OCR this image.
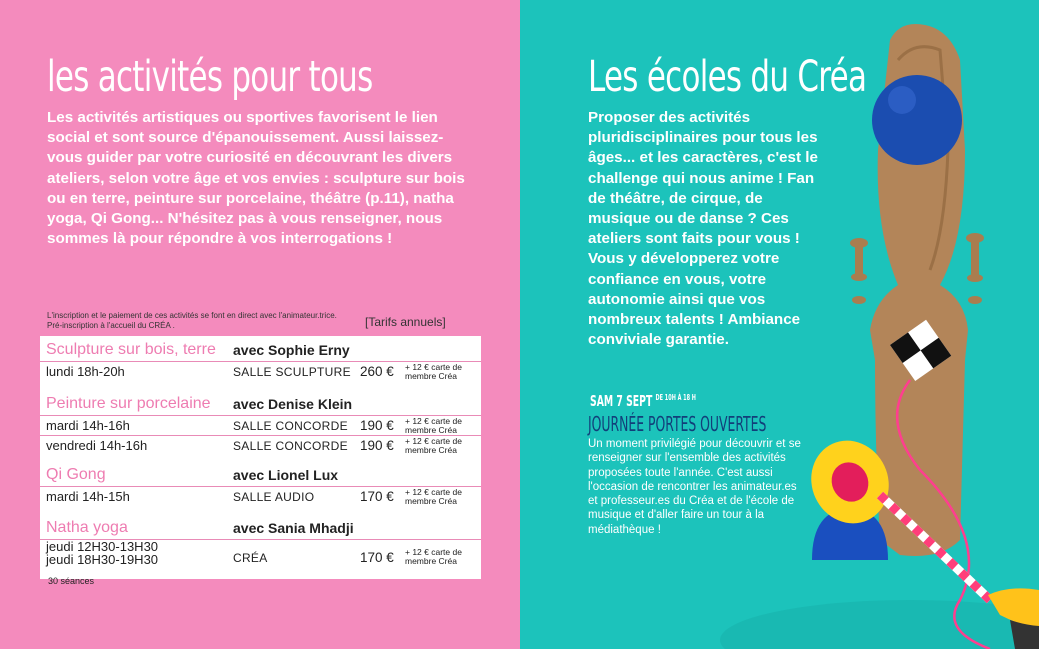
les activités pour tous

Les activités artistiques ou sportives favorisent le lien social et sont source d'épanouissement. Aussi laissez-vous guider par votre curiosité en découvrant les divers ateliers, selon votre âge et vos envies : sculpture sur bois ou en terre, peinture sur porcelaine, théâtre (p.11), natha yoga, Qi Gong... N'hésitez pas à vous renseigner, nous sommes là pour répondre à vos interrogations !

L'inscription et le paiement de ces activités se font en direct avec l'animateur.trice. Pré-inscription à l'accueil du CRÉA .	[Tarifs annuels]
Sculpture sur bois, terre avec Sophie Erny
lundi 18h-20h	SALLE SCULPTURE 260 € + 12 € carte de membre Créa
Peinture sur porcelaine avec Denise Klein
mardi 14h-16h	SALLE CONCORDE 190 € + 12 € carte de membre Créa
vendredi 14h-16h	SALLE CONCORDE 190 € + 12 € carte de membre Créa
Qi Gong	avec Lionel Lux
mardi 14h-15h	SALLE AUDIO	170 € + 12 € carte de membre Créa
Natha yoga	avec Sania Mhadji
jeudi 12H30-13H30
jeudi 18H30-19H30	CRÉA	170 € + 12 € carte de membre Créa
30 séances
Les écoles du Créa
Proposer des activités pluridisciplinaires pour tous les âges... et les caractères, c'est le challenge qui nous anime ! Fan de théâtre, de cirque, de musique ou de danse ? Ces ateliers sont faits pour vous !
Vous y développerez votre confiance en vous, votre autonomie ainsi que vos nombreux talents ! Ambiance conviviale garantie.
SAM 7 SEPT $^{DE 10H À 18 H}$
JOURNÉE PORTES OUVERTES
Un moment privilégié pour découvrir et se renseigner sur l'ensemble des activités proposées toute l'année. C'est aussi l'occasion de rencontrer les animateur.es et professeur.es du Créa et de l'école de musique et d'aller faire un tour à la médiathèque !
